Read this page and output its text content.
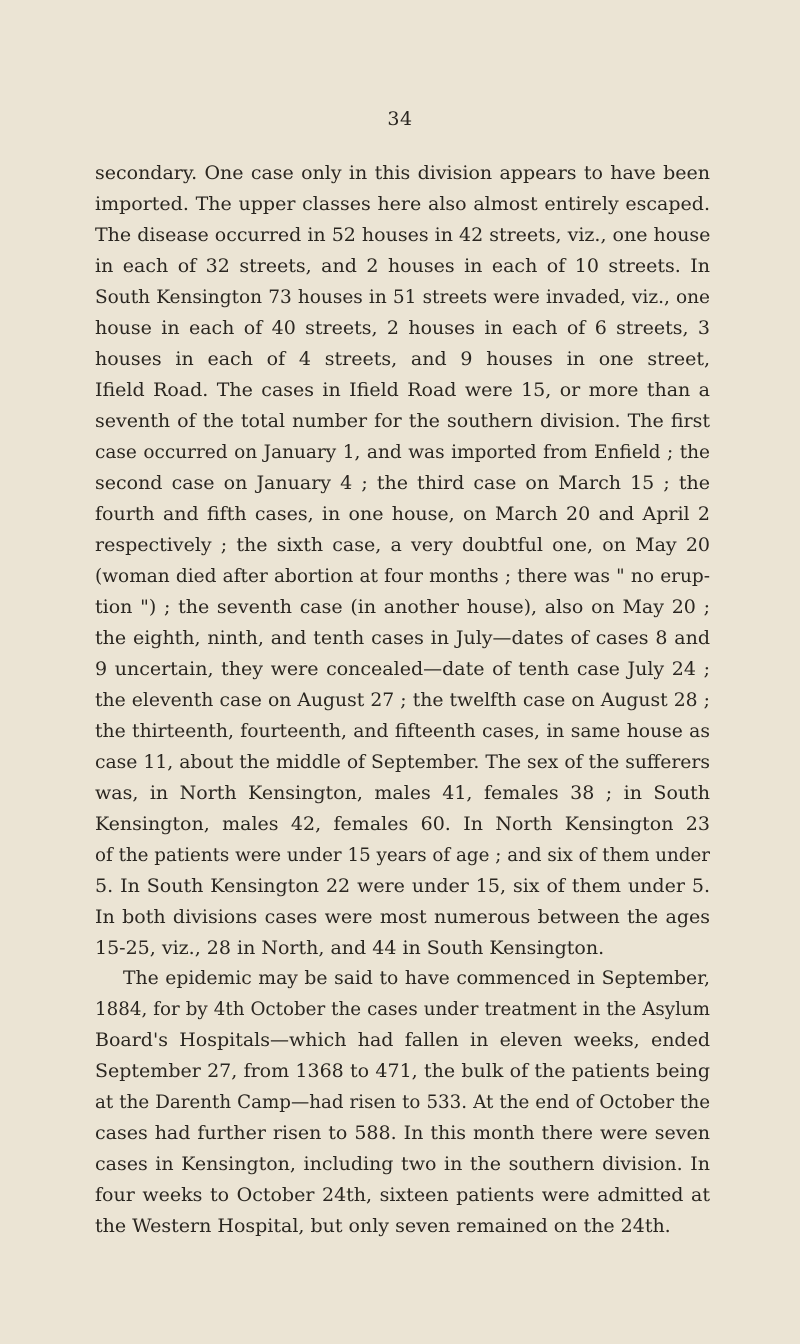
34
secondary. One case only in this division appears to have been
imported. The upper classes here also almost entirely escaped.
The disease occurred in 52 houses in 42 streets, viz., one house
in each of 32 streets, and 2 houses in each of 10 streets. In
South Kensington 73 houses in 51 streets were invaded, viz., one
house in each of 40 streets, 2 houses in each of 6 streets, 3
houses in each of 4 streets, and 9 houses in one street,
Ifield Road. The cases in Ifield Road were 15, or more than a
seventh of the total number for the southern division. The first
case occurred on January 1, and was imported from Enfield ; the
second case on January 4 ; the third case on March 15 ; the
fourth and fifth cases, in one house, on March 20 and April 2
respectively ; the sixth case, a very doubtful one, on May 20
(woman died after abortion at four months ; there was " no erup-
tion ") ; the seventh case (in another house), also on May 20 ;
the eighth, ninth, and tenth cases in July—dates of cases 8 and
9 uncertain, they were concealed—date of tenth case July 24 ;
the eleventh case on August 27 ; the twelfth case on August 28 ;
the thirteenth, fourteenth, and fifteenth cases, in same house as
case 11, about the middle of September. The sex of the sufferers
was, in North Kensington, males 41, females 38 ; in South
Kensington, males 42, females 60. In North Kensington 23
of the patients were under 15 years of age ; and six of them under
5. In South Kensington 22 were under 15, six of them under 5.
In both divisions cases were most numerous between the ages
15-25, viz., 28 in North, and 44 in South Kensington.
The epidemic may be said to have commenced in September,
1884, for by 4th October the cases under treatment in the Asylum
Board's Hospitals—which had fallen in eleven weeks, ended
September 27, from 1368 to 471, the bulk of the patients being
at the Darenth Camp—had risen to 533. At the end of October the
cases had further risen to 588. In this month there were seven
cases in Kensington, including two in the southern division. In
four weeks to October 24th, sixteen patients were admitted at
the Western Hospital, but only seven remained on the 24th.
